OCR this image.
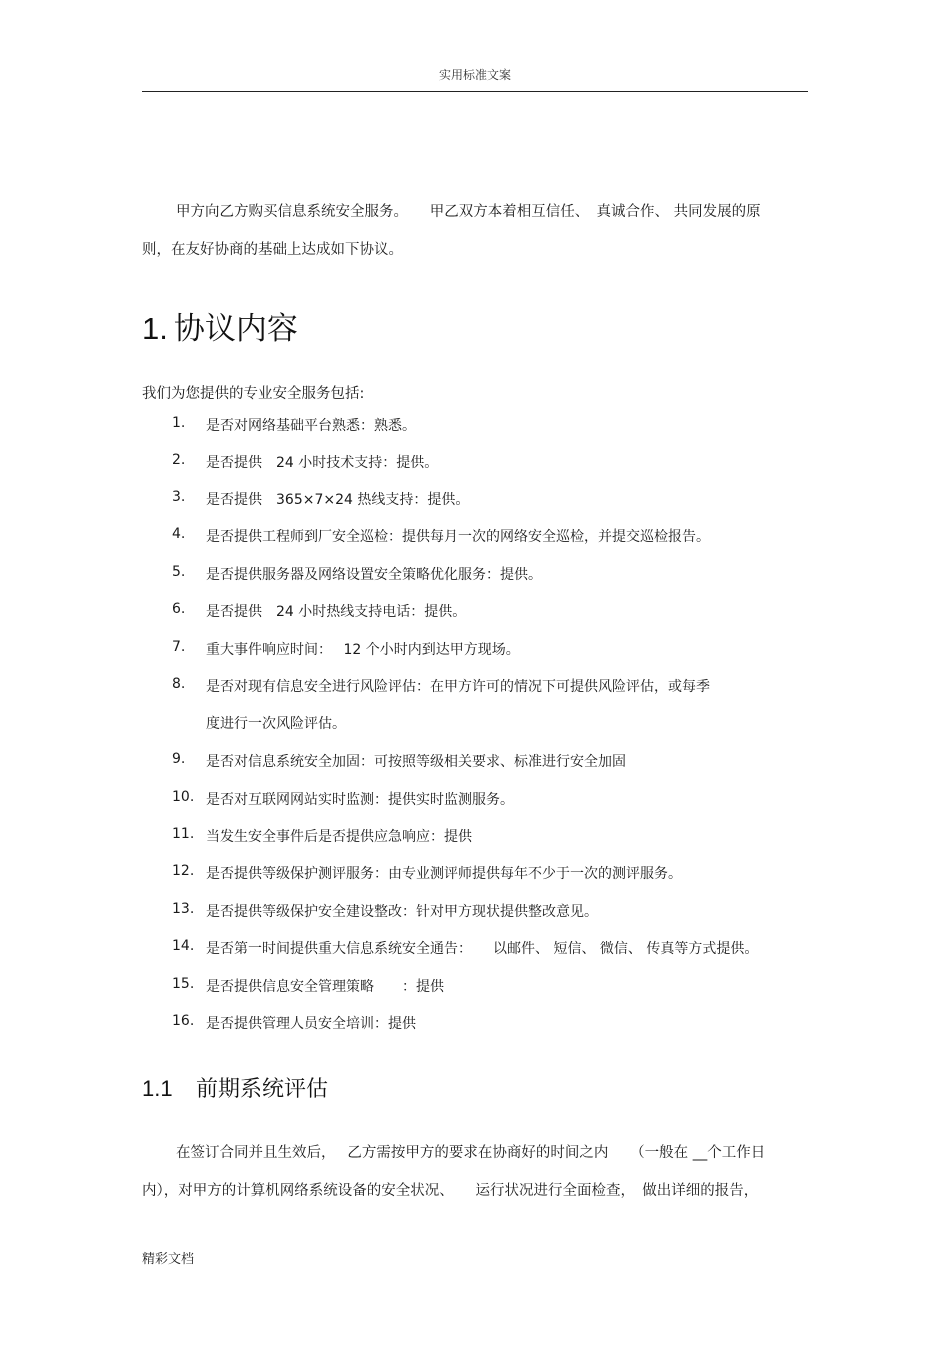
实用标准文案
甲方向乙方购买信息系统安全服务。　　甲乙双方本着相互信任、　真诚合作、 共同发展的原
则，在友好协商的基础上达成如下协议。
1. 协议内容
我们为您提供的专业安全服务包括:
1.	是否对网络基础平台熟悉：熟悉。
2.	是否提供　24 小时技术支持：提供。
3.	是否提供　365×7×24 热线支持：提供。
4.	是否提供工程师到厂安全巡检：提供每月一次的网络安全巡检，并提交巡检报告。
5.	是否提供服务器及网络设置安全策略优化服务：提供。
6.	是否提供　24 小时热线支持电话：提供。
7.	重大事件响应时间：　 12 个小时内到达甲方现场。
8.	是否对现有信息安全进行风险评估：在甲方许可的情况下可提供风险评估，或每季
度进行一次风险评估。
9.	是否对信息系统安全加固：可按照等级相关要求、标准进行安全加固
10. 是否对互联网网站实时监测：提供实时监测服务。
11. 当发生安全事件后是否提供应急响应：提供
12. 是否提供等级保护测评服务：由专业测评师提供每年不少于一次的测评服务。
13. 是否提供等级保护安全建设整改：针对甲方现状提供整改意见。
14. 是否第一时间提供重大信息系统安全通告：　　以邮件、 短信、 微信、 传真等方式提供。
15. 是否提供信息安全管理策略　　：提供
16. 是否提供管理人员安全培训：提供
1.1 前期系统评估
在签订合同并且生效后，　 乙方需按甲方的要求在协商好的时间之内　　（一般在 __个工作日
内），对甲方的计算机网络系统设备的安全状况、　　运行状况进行全面检查，　做出详细的报告，
精彩文档
